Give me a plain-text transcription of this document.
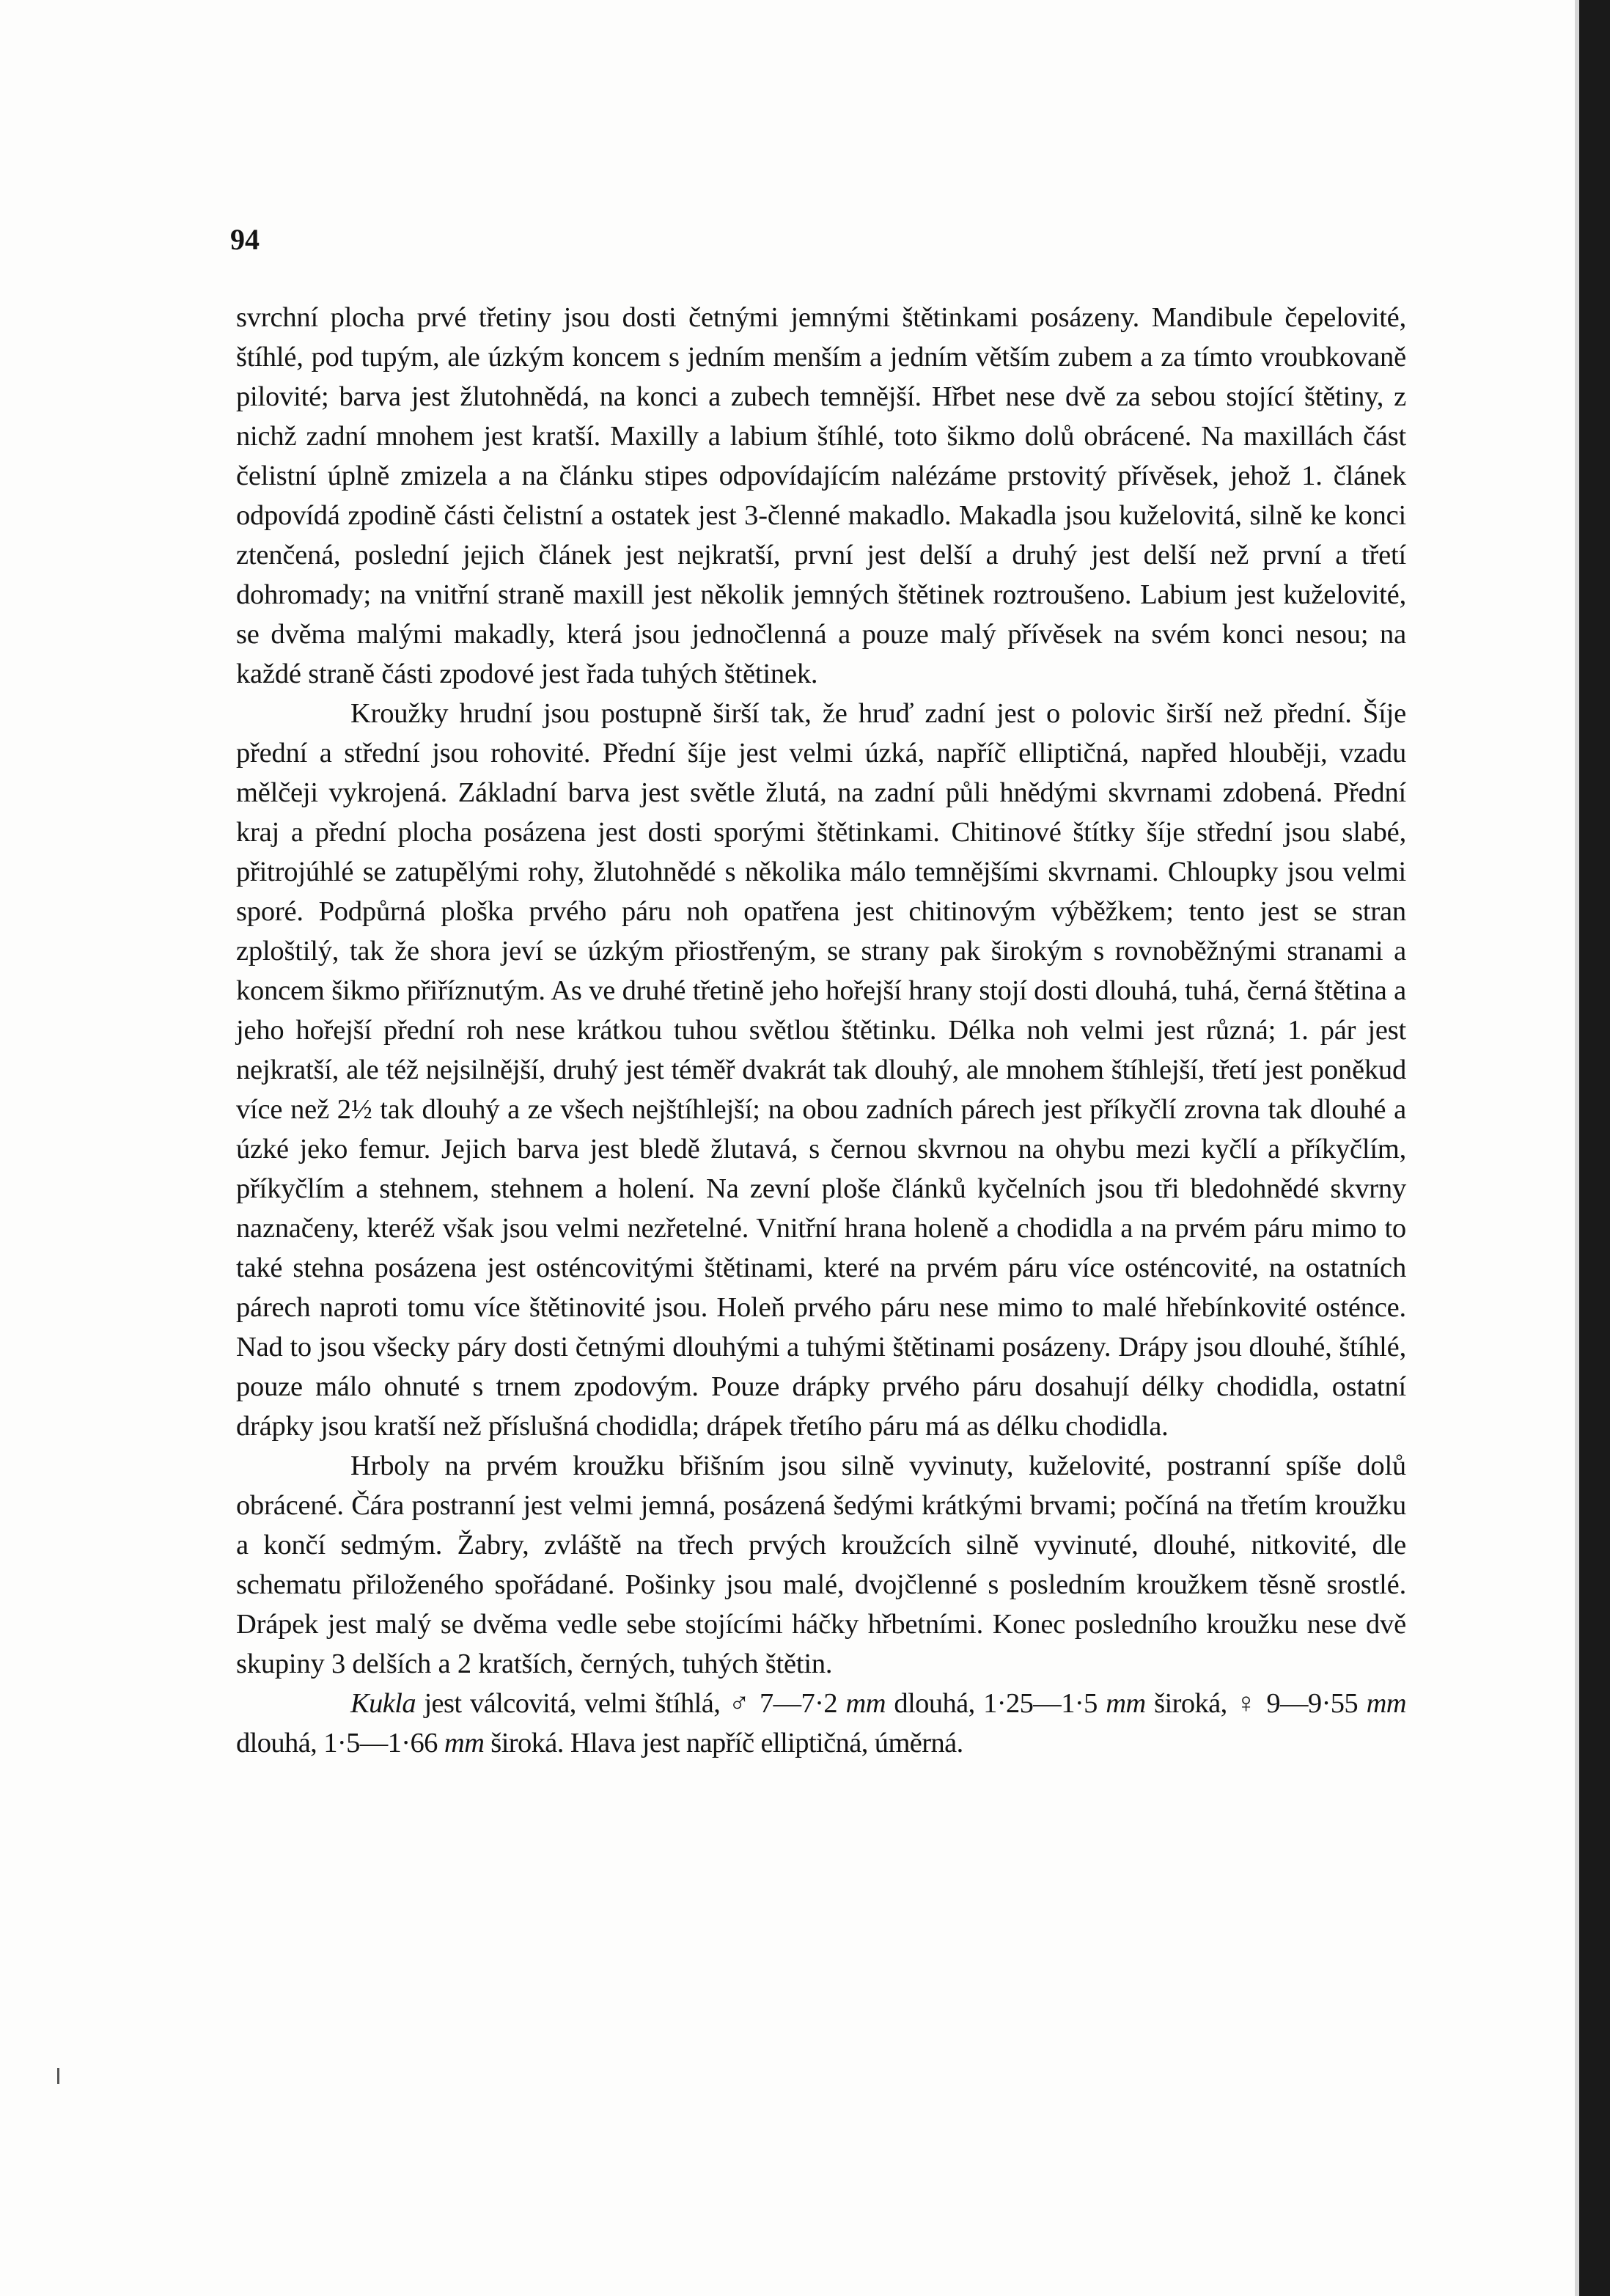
94

svrchní plocha prvé třetiny jsou dosti četnými jemnými štětinkami posázeny. Mandibule čepelovité, štíhlé, pod tupým, ale úzkým koncem s jedním menším a jedním větším zubem a za tímto vroubkovaně pilovité; barva jest žlutohnědá, na konci a zubech temnější. Hřbet nese dvě za sebou stojící štětiny, z nichž zadní mnohem jest kratší. Maxilly a labium štíhlé, toto šikmo dolů obrácené. Na maxillách část čelistní úplně zmizela a na článku stipes odpovídajícím nalézáme prstovitý přívěsek, jehož 1. článek odpovídá zpodině části čelistní a ostatek jest 3-členné makadlo. Makadla jsou kuželovitá, silně ke konci ztenčená, poslední jejich článek jest nejkratší, první jest delší a druhý jest delší než první a třetí dohromady; na vnitřní straně maxill jest několik jemných štětinek roztroušeno. Labium jest kuželovité, se dvěma malými makadly, která jsou jednočlenná a pouze malý přívěsek na svém konci nesou; na každé straně části zpodové jest řada tuhých štětinek.

Kroužky hrudní jsou postupně širší tak, že hruď zadní jest o polovic širší než přední. Šíje přední a střední jsou rohovité. Přední šíje jest velmi úzká, napříč elliptičná, napřed hlouběji, vzadu mělčeji vykrojená. Základní barva jest světle žlutá, na zadní půli hnědými skvrnami zdobená. Přední kraj a přední plocha posázena jest dosti sporými štětinkami. Chitinové štítky šíje střední jsou slabé, přitrojúhlé se zatupělými rohy, žlutohnědé s několika málo temnějšími skvrnami. Chloupky jsou velmi sporé. Podpůrná ploška prvého páru noh opatřena jest chitinovým výběžkem; tento jest se stran zploštilý, tak že shora jeví se úzkým přiostřeným, se strany pak širokým s rovnoběžnými stranami a koncem šikmo přiříznutým. As ve druhé třetině jeho hořejší hrany stojí dosti dlouhá, tuhá, černá štětina a jeho hořejší přední roh nese krátkou tuhou světlou štětinku. Délka noh velmi jest různá; 1. pár jest nejkratší, ale též nejsilnější, druhý jest téměř dvakrát tak dlouhý, ale mnohem štíhlejší, třetí jest poněkud více než 2½ tak dlouhý a ze všech nejštíhlejší; na obou zadních párech jest příkyčlí zrovna tak dlouhé a úzké jeko femur. Jejich barva jest bledě žlutavá, s černou skvrnou na ohybu mezi kyčlí a příkyčlím, příkyčlím a stehnem, stehnem a holení. Na zevní ploše článků kyčelních jsou tři bledohnědé skvrny naznačeny, kteréž však jsou velmi nezřetelné. Vnitřní hrana holeně a chodidla a na prvém páru mimo to také stehna posázena jest osténcovitými štětinami, které na prvém páru více osténcovité, na ostatních párech naproti tomu více štětinovité jsou. Holeň prvého páru nese mimo to malé hřebínkovité osténce. Nad to jsou všecky páry dosti četnými dlouhými a tuhými štětinami posázeny. Drápy jsou dlouhé, štíhlé, pouze málo ohnuté s trnem zpodovým. Pouze drápky prvého páru dosahují délky chodidla, ostatní drápky jsou kratší než příslušná chodidla; drápek třetího páru má as délku chodidla.

Hrboly na prvém kroužku břišním jsou silně vyvinuty, kuželovité, postranní spíše dolů obrácené. Čára postranní jest velmi jemná, posázená šedými krátkými brvami; počíná na třetím kroužku a končí sedmým. Žabry, zvláště na třech prvých kroužcích silně vyvinuté, dlouhé, nitkovité, dle schematu přiloženého spořádané. Pošinky jsou malé, dvojčlenné s posledním kroužkem těsně srostlé. Drápek jest malý se dvěma vedle sebe stojícími háčky hřbetními. Konec posledního kroužku nese dvě skupiny 3 delších a 2 kratších, černých, tuhých štětin.

Kukla jest válcovitá, velmi štíhlá, ♂ 7—7·2 mm dlouhá, 1·25—1·5 mm široká, ♀ 9—9·55 mm dlouhá, 1·5—1·66 mm široká. Hlava jest napříč elliptičná, úměrná.
